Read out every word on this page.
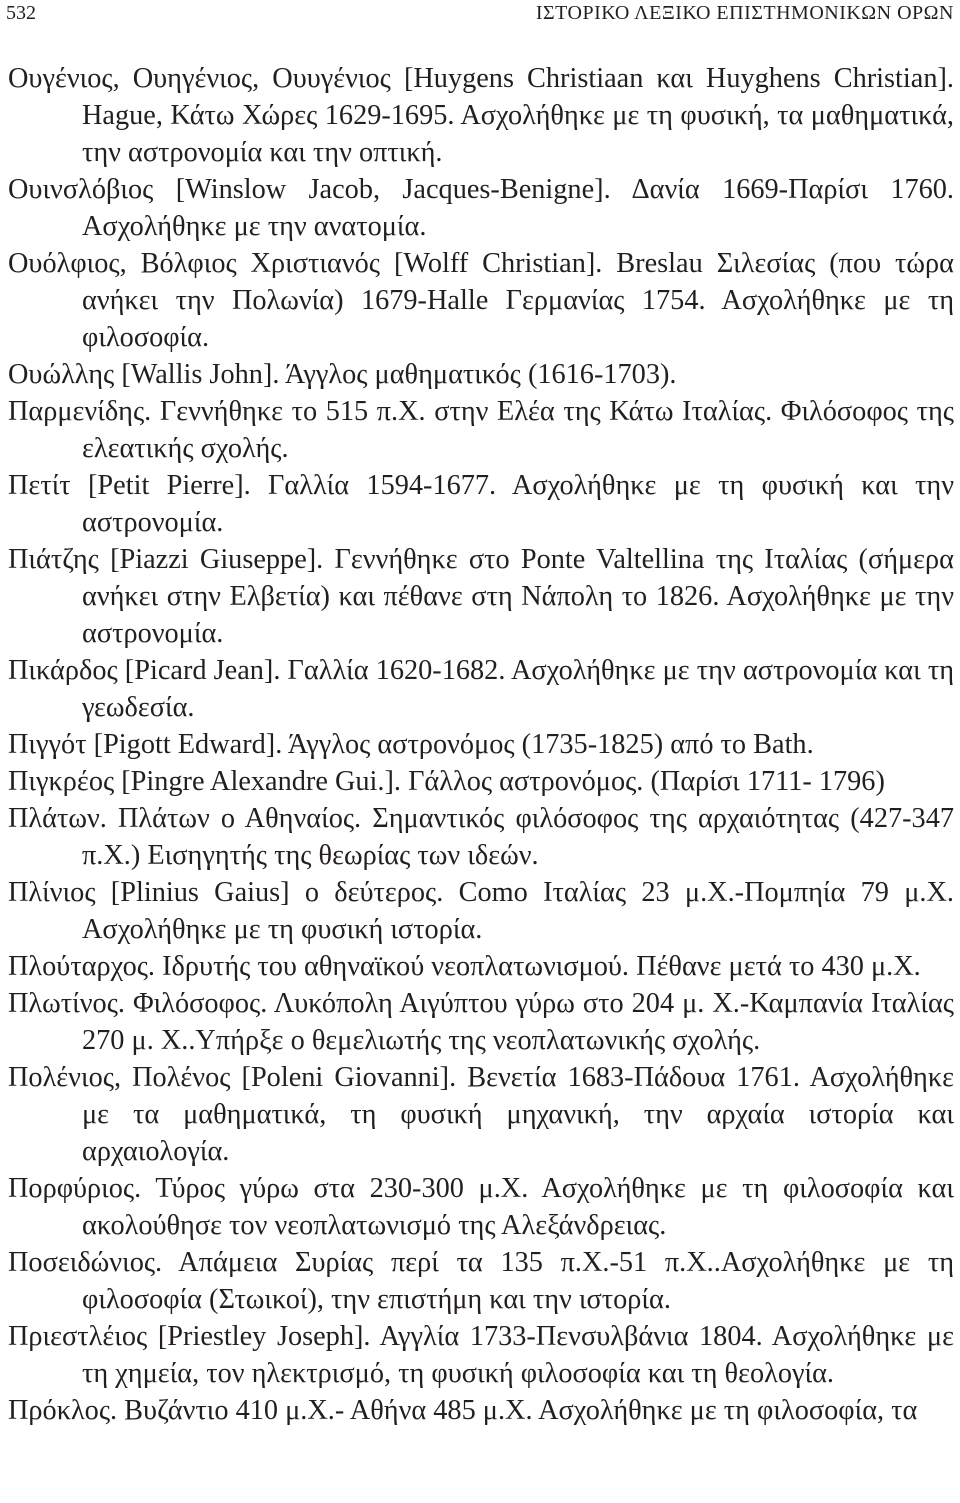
532	ΙΣΤΟΡΙΚΟ ΛΕΞΙΚΟ ΕΠΙΣΤΗΜΟΝΙΚΩΝ ΟΡΩΝ

Ουγένιος, Ουηγένιος, Ουυγένιος [Huygens Christiaan και Huyghens Christian]. Hague, Κάτω Χώρες 1629-1695. Ασχολήθηκε με τη φυσική, τα μαθηματικά, την αστρονομία και την οπτική.

Ουινσλόβιος [Winslow Jacob, Jacques-Benigne]. Δανία 1669-Παρίσι 1760. Ασχολήθηκε με την ανατομία.

Ουόλφιος, Βόλφιος Χριστιανός [Wolff Christian]. Breslau Σιλεσίας (που τώρα ανήκει την Πολωνία) 1679-Halle Γερμανίας 1754. Ασχολήθηκε με τη φιλοσοφία.

Ουώλλης [Wallis John]. Άγγλος μαθηματικός (1616-1703).

Παρμενίδης. Γεννήθηκε το 515 π.Χ. στην Ελέα της Κάτω Ιταλίας. Φιλόσοφος της ελεατικής σχολής.

Πετίτ [Petit Pierre]. Γαλλία 1594-1677. Ασχολήθηκε με τη φυσική και την αστρονομία.

Πιάτζης [Piazzi Giuseppe]. Γεννήθηκε στο Ponte Valtellina της Ιταλίας (σήμερα ανήκει στην Ελβετία) και πέθανε στη Νάπολη το 1826. Ασχολήθηκε με την αστρονομία.

Πικάρδος [Picard Jean]. Γαλλία 1620-1682. Ασχολήθηκε με την αστρονομία και τη γεωδεσία.

Πιγγότ [Pigott Edward]. Άγγλος αστρονόμος (1735-1825) από το Bath.

Πιγκρέος [Pingre Alexandre Gui.]. Γάλλος αστρονόμος. (Παρίσι 1711- 1796)

Πλάτων. Πλάτων ο Αθηναίος. Σημαντικός φιλόσοφος της αρχαιότητας (427-347 π.Χ.) Εισηγητής της θεωρίας των ιδεών.

Πλίνιος [Plinius Gaius] ο δεύτερος. Como Ιταλίας 23 μ.Χ.-Πομπηία 79 μ.Χ. Ασχολήθηκε με τη φυσική ιστορία.

Πλούταρχος. Ιδρυτής του αθηναϊκού νεοπλατωνισμού. Πέθανε μετά το 430 μ.Χ.

Πλωτίνος. Φιλόσοφος. Λυκόπολη Αιγύπτου γύρω στο 204 μ. Χ.-Καμπανία Ιταλίας 270 μ. Χ..Υπήρξε ο θεμελιωτής της νεοπλατωνικής σχολής.

Πολένιος, Πολένος [Poleni Giovanni]. Βενετία 1683-Πάδουα 1761. Ασχολήθηκε με τα μαθηματικά, τη φυσική μηχανική, την αρχαία ιστορία και αρχαιολογία.

Πορφύριος. Τύρος γύρω στα 230-300 μ.Χ. Ασχολήθηκε με τη φιλοσοφία και ακολούθησε τον νεοπλατωνισμό της Αλεξάνδρειας.

Ποσειδώνιος. Απάμεια Συρίας περί τα 135 π.Χ.-51 π.Χ..Ασχολήθηκε με τη φιλοσοφία (Στωικοί), την επιστήμη και την ιστορία.

Πριεστλέιος [Priestley Joseph]. Αγγλία 1733-Πενσυλβάνια 1804. Ασχολήθηκε με τη χημεία, τον ηλεκτρισμό, τη φυσική φιλοσοφία και τη θεολογία.

Πρόκλος. Βυζάντιο 410 μ.Χ.- Αθήνα 485 μ.Χ. Ασχολήθηκε με τη φιλοσοφία, τα
